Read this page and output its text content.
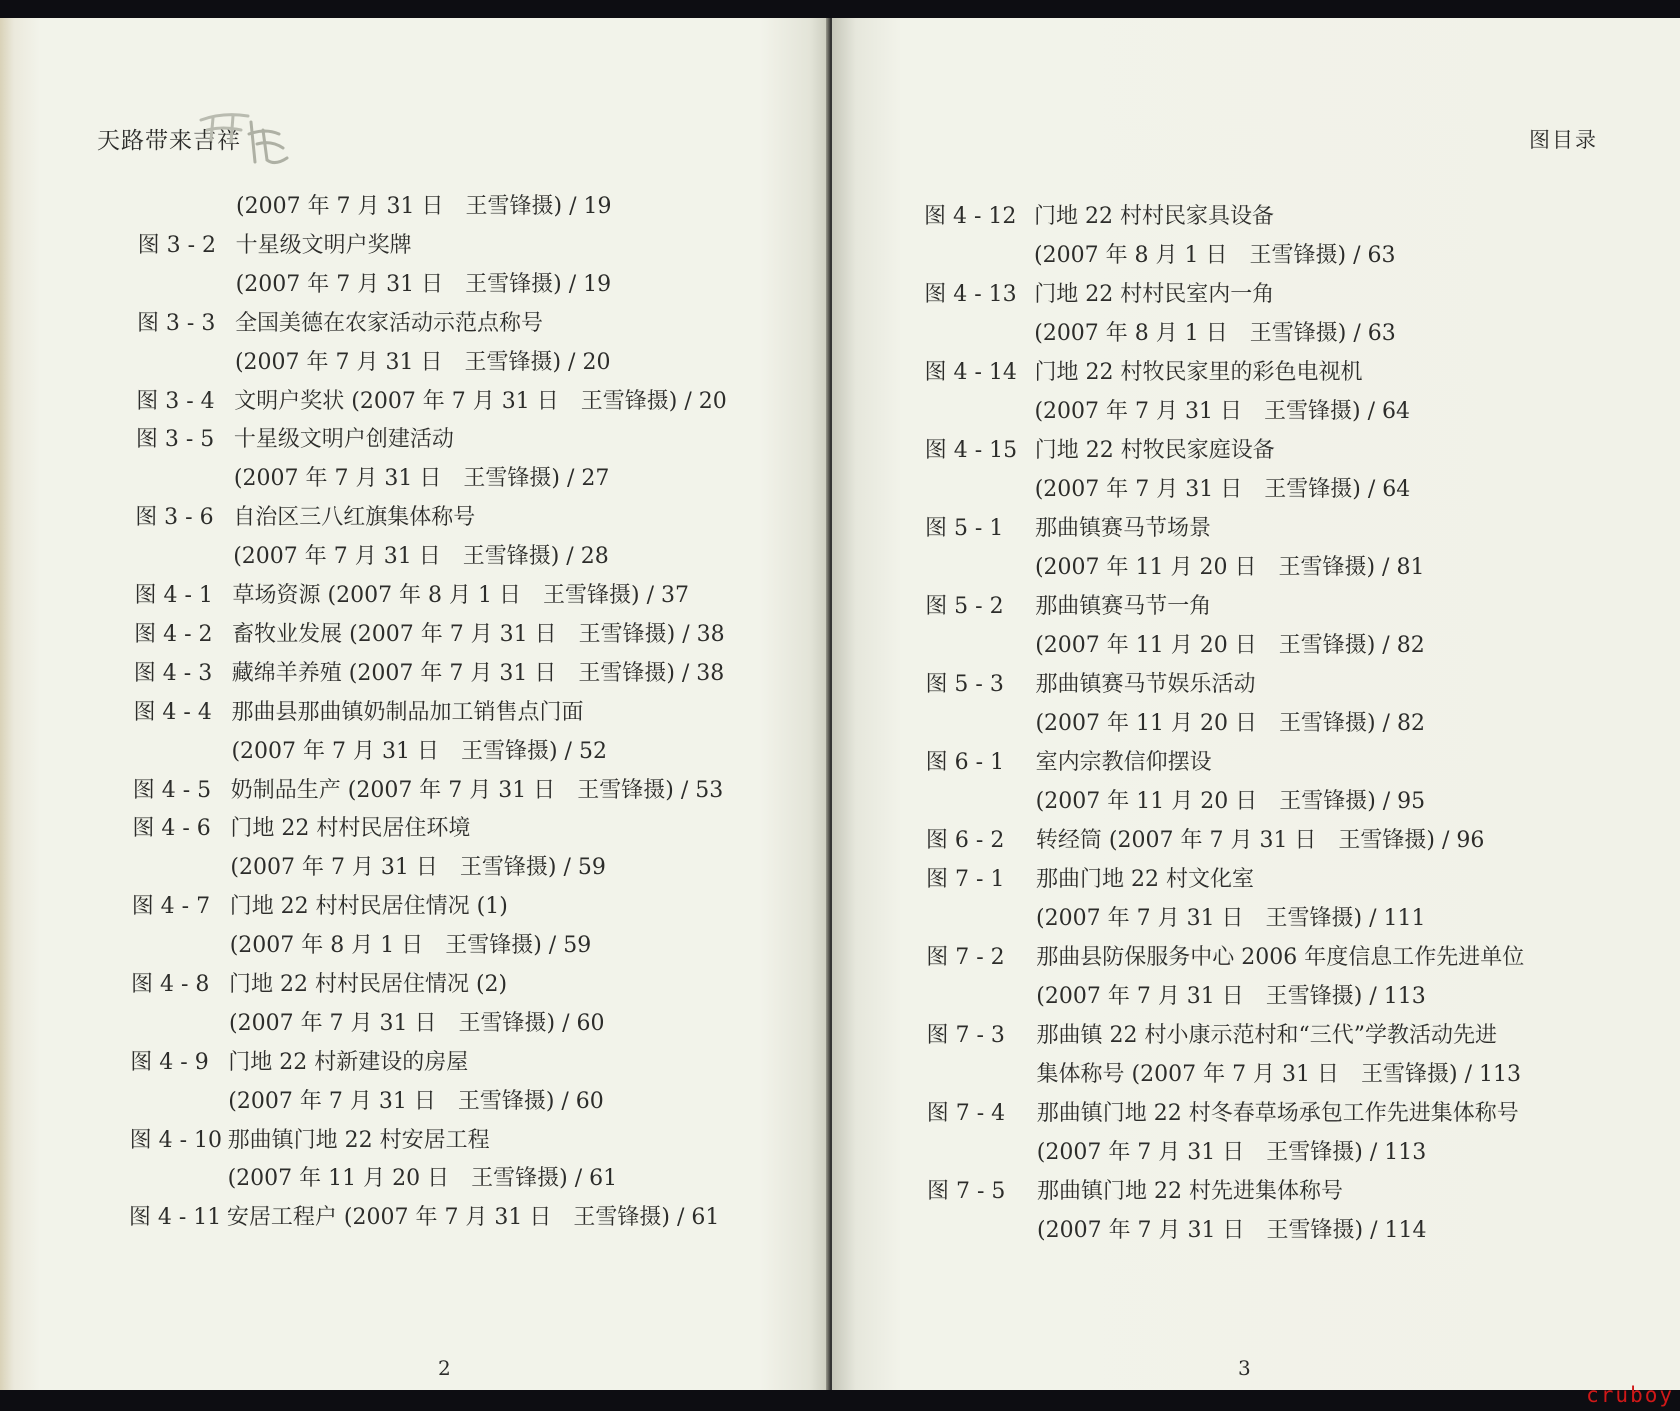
天路带来吉祥
(2007 年 7 月 31 日　王雪锋摄) / 19
图 3 - 2 十星级文明户奖牌
(2007 年 7 月 31 日　王雪锋摄) / 19
图 3 - 3 全国美德在农家活动示范点称号
(2007 年 7 月 31 日　王雪锋摄) / 20
图 3 - 4 文明户奖状 (2007 年 7 月 31 日　王雪锋摄) / 20
图 3 - 5 十星级文明户创建活动
(2007 年 7 月 31 日　王雪锋摄) / 27
图 3 - 6 自治区三八红旗集体称号
(2007 年 7 月 31 日　王雪锋摄) / 28
图 4 - 1 草场资源 (2007 年 8 月 1 日　王雪锋摄) / 37
图 4 - 2 畜牧业发展 (2007 年 7 月 31 日　王雪锋摄) / 38
图 4 - 3 藏绵羊养殖 (2007 年 7 月 31 日　王雪锋摄) / 38
图 4 - 4 那曲县那曲镇奶制品加工销售点门面
(2007 年 7 月 31 日　王雪锋摄) / 52
图 4 - 5 奶制品生产 (2007 年 7 月 31 日　王雪锋摄) / 53
图 4 - 6 门地 22 村村民居住环境
(2007 年 7 月 31 日　王雪锋摄) / 59
图 4 - 7 门地 22 村村民居住情况 (1)
(2007 年 8 月 1 日　王雪锋摄) / 59
图 4 - 8 门地 22 村村民居住情况 (2)
(2007 年 7 月 31 日　王雪锋摄) / 60
图 4 - 9 门地 22 村新建设的房屋
(2007 年 7 月 31 日　王雪锋摄) / 60
图 4 - 10 那曲镇门地 22 村安居工程
(2007 年 11 月 20 日　王雪锋摄) / 61
图 4 - 11 安居工程户 (2007 年 7 月 31 日　王雪锋摄) / 61
2
图目录
图 4 - 12 门地 22 村村民家具设备
(2007 年 8 月 1 日　王雪锋摄) / 63
图 4 - 13 门地 22 村村民室内一角
(2007 年 8 月 1 日　王雪锋摄) / 63
图 4 - 14 门地 22 村牧民家里的彩色电视机
(2007 年 7 月 31 日　王雪锋摄) / 64
图 4 - 15 门地 22 村牧民家庭设备
(2007 年 7 月 31 日　王雪锋摄) / 64
图 5 - 1 那曲镇赛马节场景
(2007 年 11 月 20 日　王雪锋摄) / 81
图 5 - 2 那曲镇赛马节一角
(2007 年 11 月 20 日　王雪锋摄) / 82
图 5 - 3 那曲镇赛马节娱乐活动
(2007 年 11 月 20 日　王雪锋摄) / 82
图 6 - 1 室内宗教信仰摆设
(2007 年 11 月 20 日　王雪锋摄) / 95
图 6 - 2 转经筒 (2007 年 7 月 31 日　王雪锋摄) / 96
图 7 - 1 那曲门地 22 村文化室
(2007 年 7 月 31 日　王雪锋摄) / 111
图 7 - 2 那曲县防保服务中心 2006 年度信息工作先进单位
(2007 年 7 月 31 日　王雪锋摄) / 113
图 7 - 3 那曲镇 22 村小康示范村和“三代”学教活动先进
集体称号 (2007 年 7 月 31 日　王雪锋摄) / 113
图 7 - 4 那曲镇门地 22 村冬春草场承包工作先进集体称号
(2007 年 7 月 31 日　王雪锋摄) / 113
图 7 - 5 那曲镇门地 22 村先进集体称号
(2007 年 7 月 31 日　王雪锋摄) / 114
3
cruboy
